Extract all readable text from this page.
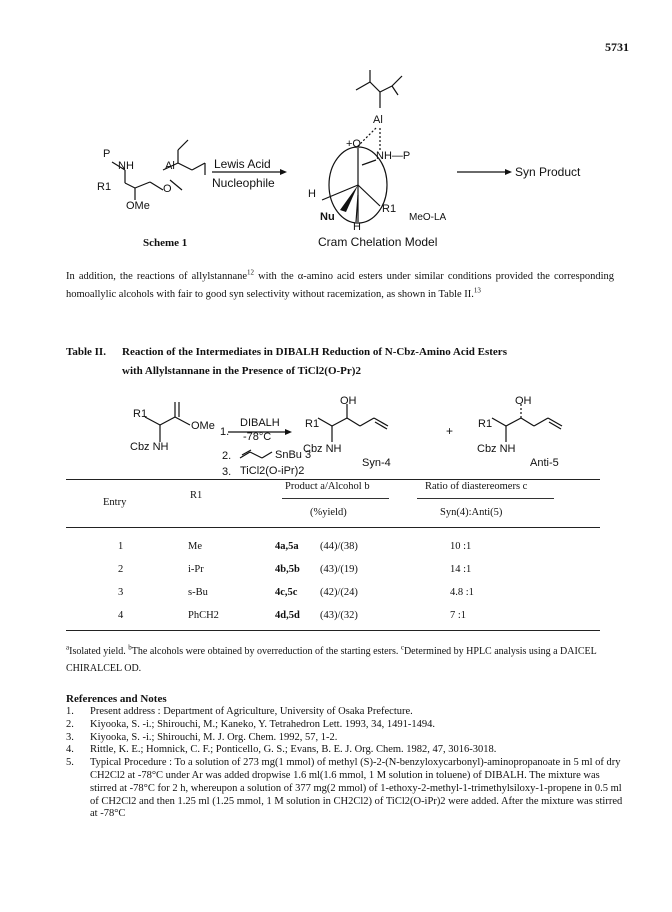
5731
P
NH	Al
R1	O
OMe
Lewis Acid
Nucleophile
Al
+O
NH—P
H
Nu
H
R1
MeO-LA
Syn Product
Scheme 1	Cram Chelation Model
In addition, the reactions of allylstannane$^{12}$ with the α-amino acid esters under similar conditions provided the corresponding homoallylic alcohols with fair to good syn selectivity without racemization, as shown in Table II.$^{13}$
Table II. Reaction of the Intermediates in DIBALH Reduction of N-Cbz-Amino Acid Esters
with Allylstannane in the Presence of TiCl2(O-Pr)2
R1
OMe
Cbz NH
1.
DIBALH
-78°C
2.	SnBu 3
3. TiCl2(O-iPr)2
OH
R1
Cbz NH
Syn-4
+
OH
R1
Cbz NH
Anti-5
Entry
R1
Product a/Alcohol b
(%yield)
Ratio of diastereomers c
Syn(4):Anti(5)
1	Me	4a,5a (44)/(38)	10 :1
2	i-Pr	4b,5b (43)/(19)	14 :1
3	s-Bu	4c,5c (42)/(24)	4.8 :1
4	PhCH2	4d,5d (43)/(32)	7 :1
$^a$Isolated yield. $^b$The alcohols were obtained by overreduction of the starting esters. $^c$Determined by HPLC analysis using a DAICEL CHIRALCEL OD.
References and Notes
1. Present address : Department of Agriculture, University of Osaka Prefecture.
2. Kiyooka, S. -i.; Shirouchi, M.; Kaneko, Y. Tetrahedron Lett. 1993, 34, 1491-1494.
3. Kiyooka, S. -i.; Shirouchi, M. J. Org. Chem. 1992, 57, 1-2.
4. Rittle, K. E.; Homnick, C. F.; Ponticello, G. S.; Evans, B. E. J. Org. Chem. 1982, 47, 3016-3018.
5. Typical Procedure : To a solution of 273 mg(1 mmol) of methyl (S)-2-(N-benzyloxycarbonyl)-aminopropanoate in 5 ml of dry CH2Cl2 at -78°C under Ar was added dropwise 1.6 ml(1.6 mmol, 1 M solution in toluene) of DIBALH. The mixture was stirred at -78°C for 2 h, whereupon a solution of 377 mg(2 mmol) of 1-ethoxy-2-methyl-1-trimethylsiloxy-1-propene in 0.5 ml of CH2Cl2 and then 1.25 ml (1.25 mmol, 1 M solution in CH2Cl2) of TiCl2(O-iPr)2 were added. After the mixture was stirred at -78°C
